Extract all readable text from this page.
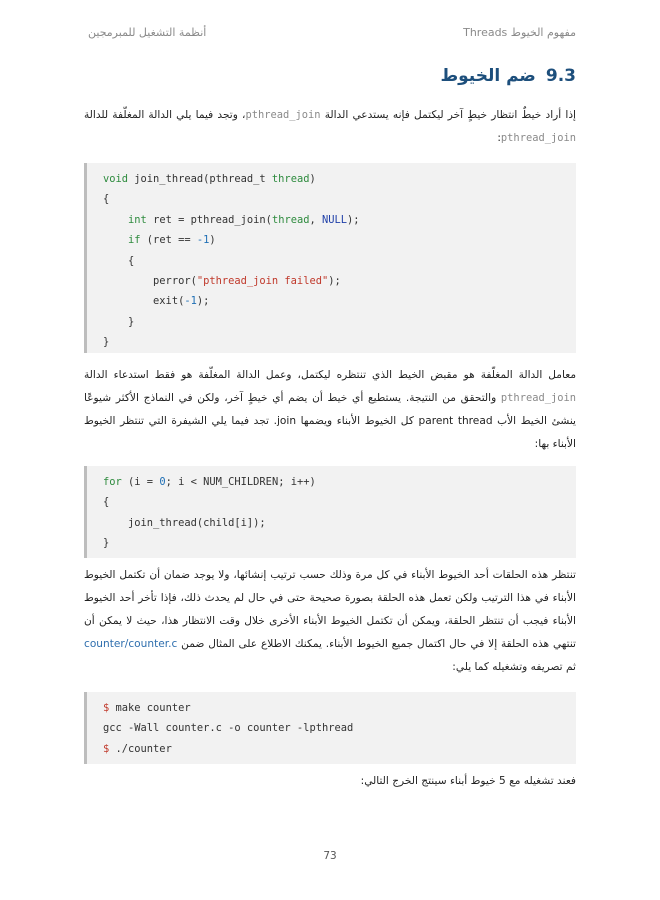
أنظمة التشغيل للمبرمجين	مفهوم الخيوط Threads
9.3ضم الخيوط
إذا أراد خيطٌ انتظار خيطٍ آخر ليكتمل فإنه يستدعي الدالة pthread_join، وتجد فيما يلي الدالة المغلّفة للدالة pthread_join:
void join_thread(pthread_t thread)
{
int ret = pthread_join(thread, NULL);
if (ret == -1)
{
perror("pthread_join failed");
exit(-1);
}
}
معامل الدالة المغلّفة هو مقبض الخيط الذي تنتظره ليكتمل، وعمل الدالة المغلّفة هو فقط استدعاء الدالة pthread_join والتحقق من النتيجة. يستطيع أي خيط أن يضم أي خيطٍ آخر، ولكن في النماذج الأكثر شيوعًا ينشئ الخيط الأب parent thread كل الخيوط الأبناء ويضمها join. تجد فيما يلي الشيفرة التي تنتظر الخيوط الأبناء بها:
for (i = 0; i < NUM_CHILDREN; i++)
{
join_thread(child[i]);
}
تنتظر هذه الحلقات أحد الخيوط الأبناء في كل مرة وذلك حسب ترتيب إنشائها، ولا يوجد ضمان أن تكتمل الخيوط الأبناء في هذا الترتيب ولكن تعمل هذه الحلقة بصورة صحيحة حتى في حال لم يحدث ذلك، فإذا تأخر أحد الخيوط الأبناء فيجب أن تنتظر الحلقة، ويمكن أن تكتمل الخيوط الأبناء الأخرى خلال وقت الانتظار هذا، حيث لا يمكن أن تنتهي هذه الحلقة إلا في حال اكتمال جميع الخيوط الأبناء. يمكنك الاطلاع على المثال ضمن counter/counter.c ثم تصريفه وتشغيله كما يلي:
$ make counter
gcc -Wall counter.c -o counter -lpthread
$ ./counter
فعند تشغيله مع 5 خيوط أبناء سينتج الخرج التالي:
73
